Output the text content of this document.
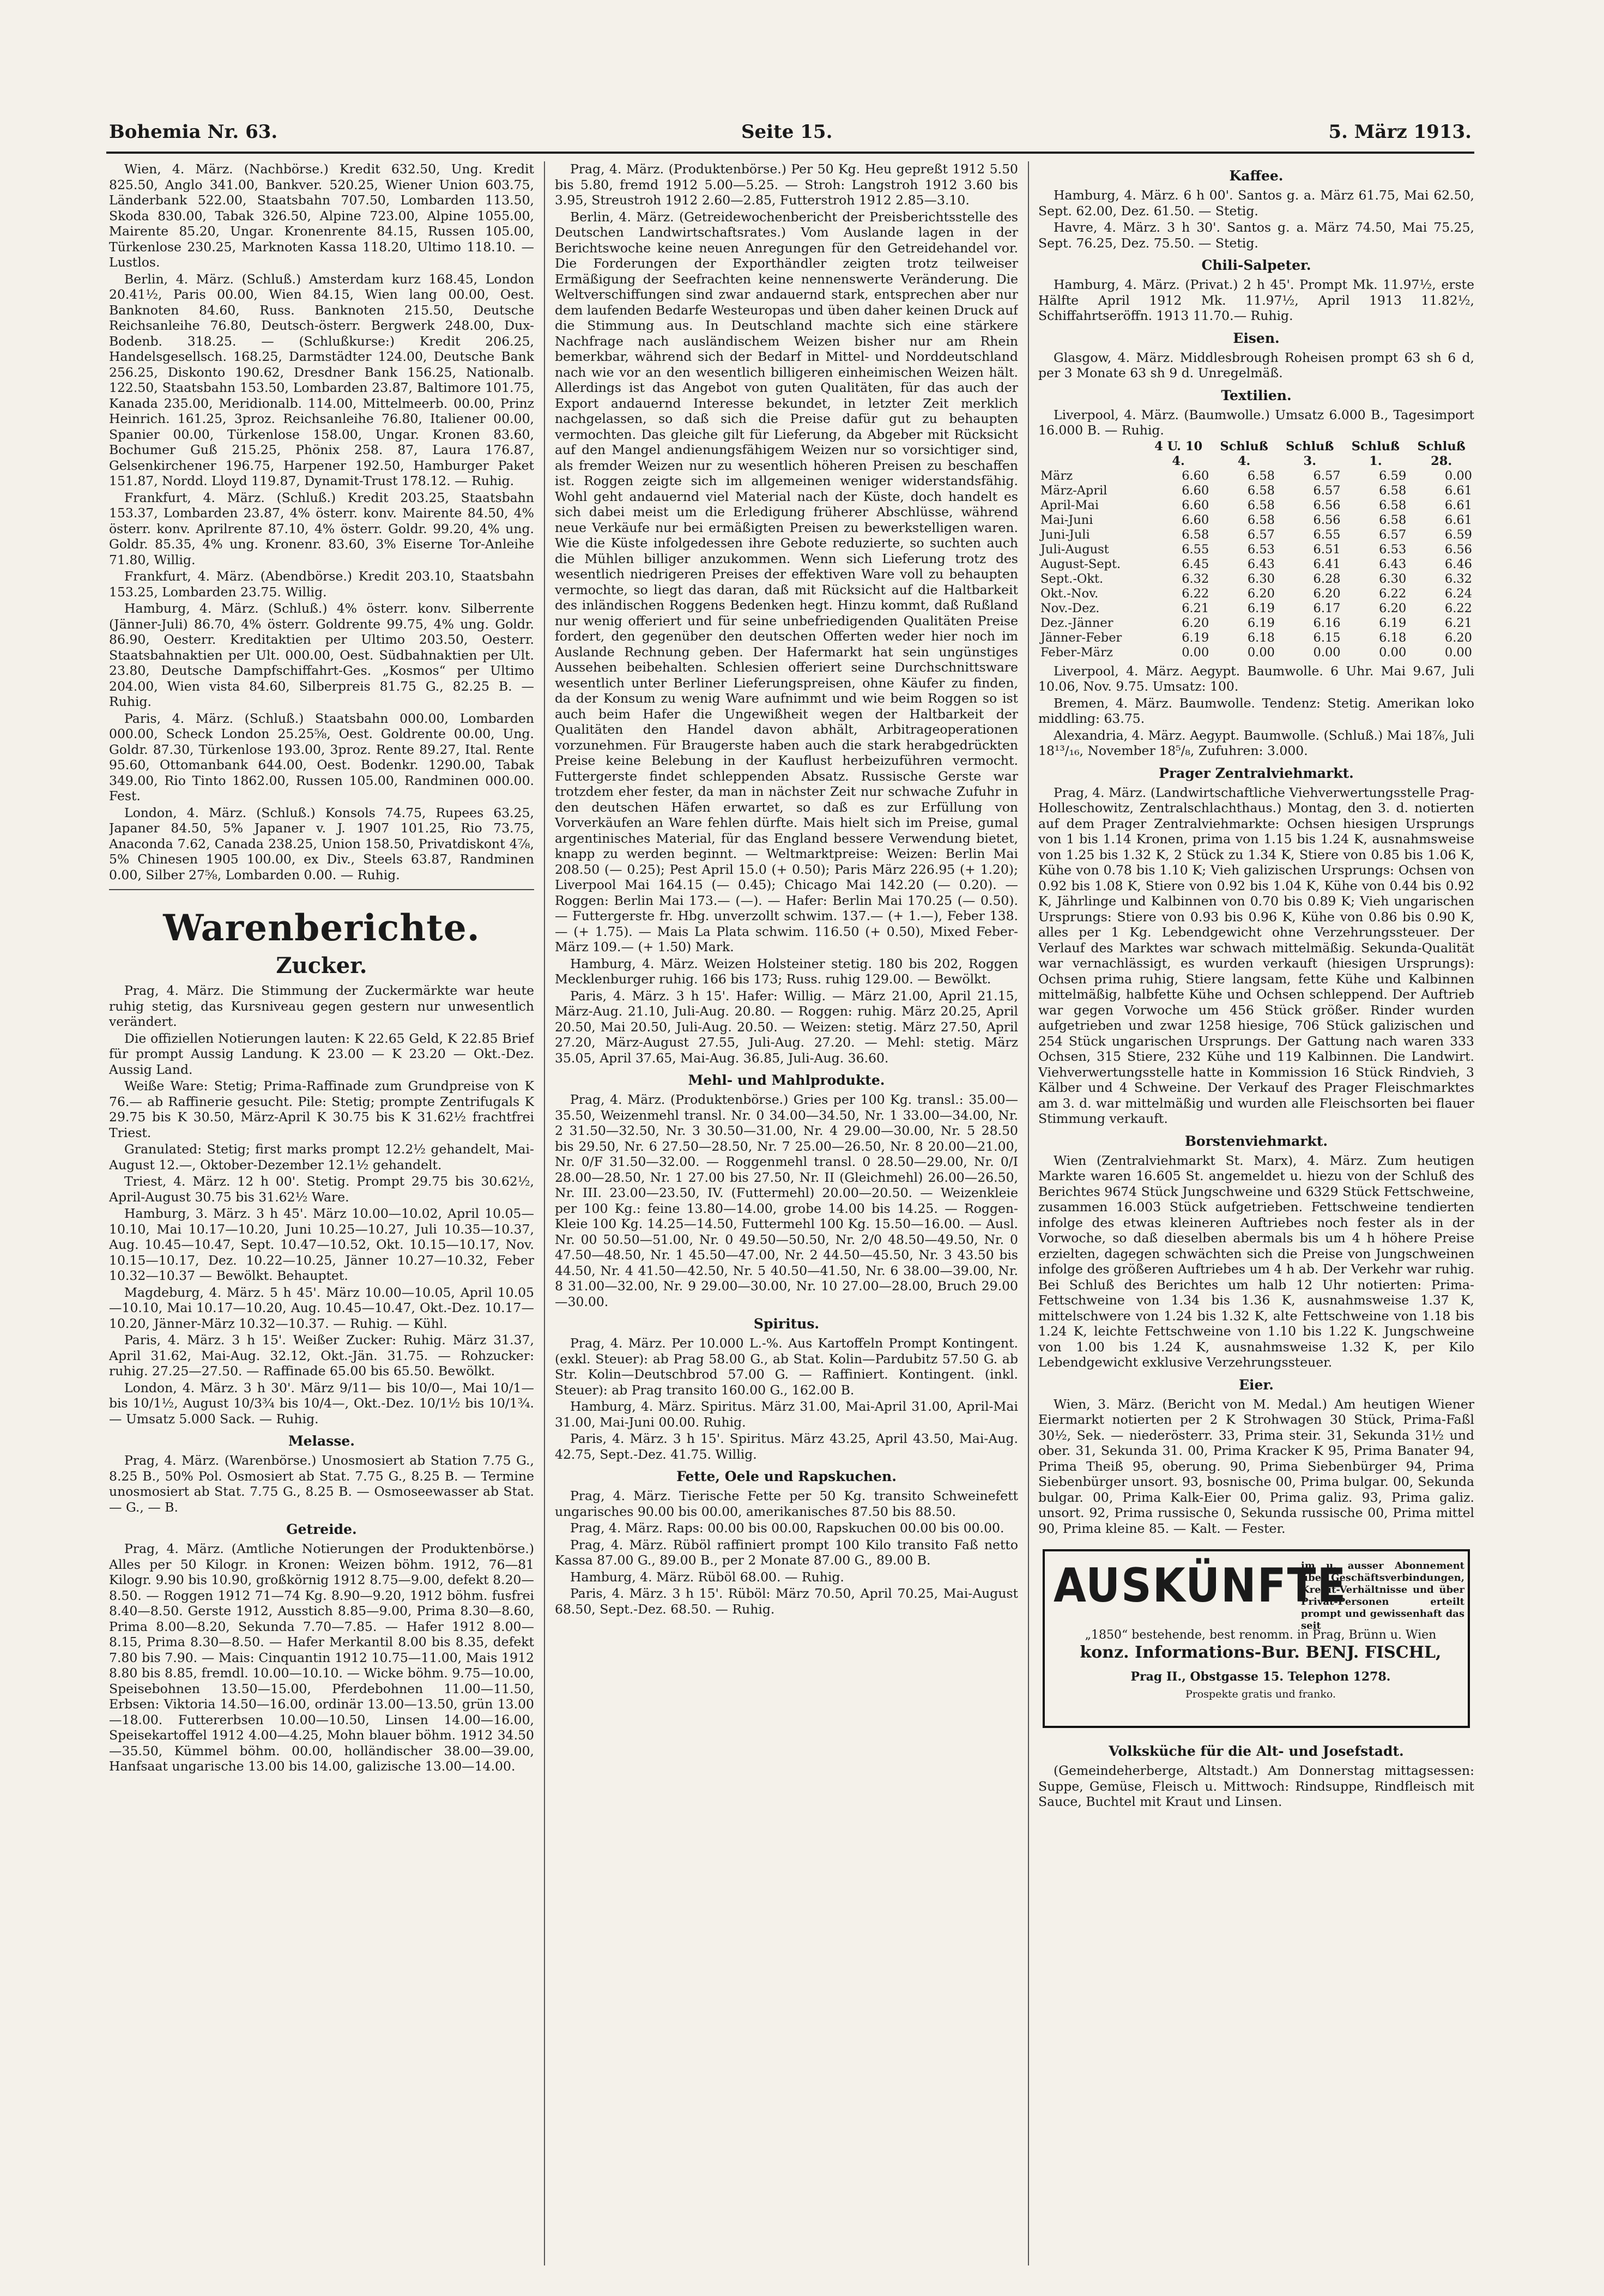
Bohemia Nr. 63.	Seite 15.	5. März 1913.

Wien, 4. März. (Nachbörse.) Kredit 632.50, Ung. Kredit 825.50, Anglo 341.00, Bankver. 520.25, Wiener Union 603.75, Länderbank 522.00, Staatsbahn 707.50, Lombarden 113.50, Skoda 830.00, Tabak 326.50, Alpine 723.00, Alpine 1055.00, Mairente 85.20, Ungar. Kronenrente 84.15, Russen 105.00, Türkenlose 230.25, Marknoten Kassa 118.20, Ultimo 118.10. — Lustlos.

Berlin, 4. März. (Schluß.) Amsterdam kurz 168.45, London 20.41½, Paris 00.00, Wien 84.15, Wien lang 00.00, Oest. Banknoten 84.60, Russ. Banknoten 215.50, Deutsche Reichsanleihe 76.80, Deutsch-österr. Bergwerk 248.00, Dux-Bodenb. 318.25. — (Schlußkurse:) Kredit 206.25, Handelsgesellsch. 168.25, Darmstädter 124.00, Deutsche Bank 256.25, Diskonto 190.62, Dresdner Bank 156.25, Nationalb. 122.50, Staatsbahn 153.50, Lombarden 23.87, Baltimore 101.75, Kanada 235.00, Meridionalb. 114.00, Mittelmeerb. 00.00, Prinz Heinrich. 161.25, 3proz. Reichsanleihe 76.80, Italiener 00.00, Spanier 00.00, Türkenlose 158.00, Ungar. Kronen 83.60, Bochumer Guß 215.25, Phönix 258. 87, Laura 176.87, Gelsenkirchener 196.75, Harpener 192.50, Hamburger Paket 151.87, Nordd. Lloyd 119.87, Dynamit-Trust 178.12. — Ruhig.

Frankfurt, 4. März. (Schluß.) Kredit 203.25, Staatsbahn 153.37, Lombarden 23.87, 4% österr. konv. Mairente 84.50, 4% österr. konv. Aprilrente 87.10, 4% österr. Goldr. 99.20, 4% ung. Goldr. 85.35, 4% ung. Kronenr. 83.60, 3% Eiserne Tor-Anleihe 71.80, Willig.

Frankfurt, 4. März. (Abendbörse.) Kredit 203.10, Staatsbahn 153.25, Lombarden 23.75. Willig.

Hamburg, 4. März. (Schluß.) 4% österr. konv. Silberrente (Jänner-Juli) 86.70, 4% österr. Goldrente 99.75, 4% ung. Goldr. 86.90, Oesterr. Kreditaktien per Ultimo 203.50, Oesterr. Staatsbahnaktien per Ult. 000.00, Oest. Südbahnaktien per Ult. 23.80, Deutsche Dampfschiffahrt-Ges. „Kosmos“ per Ultimo 204.00, Wien vista 84.60, Silberpreis 81.75 G., 82.25 B. — Ruhig.

Paris, 4. März. (Schluß.) Staatsbahn 000.00, Lombarden 000.00, Scheck London 25.25⅝, Oest. Goldrente 00.00, Ung. Goldr. 87.30, Türkenlose 193.00, 3proz. Rente 89.27, Ital. Rente 95.60, Ottomanbank 644.00, Oest. Bodenkr. 1290.00, Tabak 349.00, Rio Tinto 1862.00, Russen 105.00, Randminen 000.00. Fest.

London, 4. März. (Schluß.) Konsols 74.75, Rupees 63.25, Japaner 84.50, 5% Japaner v. J. 1907 101.25, Rio 73.75, Anaconda 7.62, Canada 238.25, Union 158.50, Privatdiskont 4⅞, 5% Chinesen 1905 100.00, ex Div., Steels 63.87, Randminen 0.00, Silber 27⅝, Lombarden 0.00. — Ruhig.

Warenberichte.
Zucker.

Prag, 4. März. Die Stimmung der Zuckermärkte war heute ruhig stetig, das Kursniveau gegen gestern nur unwesentlich verändert.

Die offiziellen Notierungen lauten: K 22.65 Geld, K 22.85 Brief für prompt Aussig Landung. K 23.00 — K 23.20 — Okt.-Dez. Aussig Land.

Weiße Ware: Stetig; Prima-Raffinade zum Grundpreise von K 76.— ab Raffinerie gesucht. Pile: Stetig; prompte Zentrifugals K 29.75 bis K 30.50, März-April K 30.75 bis K 31.62½ frachtfrei Triest.

Granulated: Stetig; first marks prompt 12.2½ gehandelt, Mai-August 12.—, Oktober-Dezember 12.1½ gehandelt.

Triest, 4. März. 12 h 00'. Stetig. Prompt 29.75 bis 30.62½, April-August 30.75 bis 31.62½ Ware.

Hamburg, 3. März. 3 h 45'. März 10.00—10.02, April 10.05—10.10, Mai 10.17—10.20, Juni 10.25—10.27, Juli 10.35—10.37, Aug. 10.45—10.47, Sept. 10.47—10.52, Okt. 10.15—10.17, Nov. 10.15—10.17, Dez. 10.22—10.25, Jänner 10.27—10.32, Feber 10.32—10.37 — Bewölkt. Behauptet.

Magdeburg, 4. März. 5 h 45'. März 10.00—10.05, April 10.05—10.10, Mai 10.17—10.20, Aug. 10.45—10.47, Okt.-Dez. 10.17—10.20, Jänner-März 10.32—10.37. — Ruhig. — Kühl.

Paris, 4. März. 3 h 15'. Weißer Zucker: Ruhig. März 31.37, April 31.62, Mai-Aug. 32.12, Okt.-Jän. 31.75. — Rohzucker: ruhig. 27.25—27.50. — Raffinade 65.00 bis 65.50. Bewölkt.

London, 4. März. 3 h 30'. März 9/11— bis 10/0—, Mai 10/1— bis 10/1½, August 10/3¾ bis 10/4—, Okt.-Dez. 10/1½ bis 10/1¾. — Umsatz 5.000 Sack. — Ruhig.

Melasse.

Prag, 4. März. (Warenbörse.) Unosmosiert ab Station 7.75 G., 8.25 B., 50% Pol. Osmosiert ab Stat. 7.75 G., 8.25 B. — Termine unosmosiert ab Stat. 7.75 G., 8.25 B. — Osmoseewasser ab Stat. — G., — B.

Getreide.

Prag, 4. März. (Amtliche Notierungen der Produktenbörse.) Alles per 50 Kilogr. in Kronen: Weizen böhm. 1912, 76—81 Kilogr. 9.90 bis 10.90, großkörnig 1912 8.75—9.00, defekt 8.20—8.50. — Roggen 1912 71—74 Kg. 8.90—9.20, 1912 böhm. fusfrei 8.40—8.50. Gerste 1912, Ausstich 8.85—9.00, Prima 8.30—8.60, Prima 8.00—8.20, Sekunda 7.70—7.85. — Hafer 1912 8.00—8.15, Prima 8.30—8.50. — Hafer Merkantil 8.00 bis 8.35, defekt 7.80 bis 7.90. — Mais: Cinquantin 1912 10.75—11.00, Mais 1912 8.80 bis 8.85, fremdl. 10.00—10.10. — Wicke böhm. 9.75—10.00, Speisebohnen 13.50—15.00, Pferdebohnen 11.00—11.50, Erbsen: Viktoria 14.50—16.00, ordinär 13.00—13.50, grün 13.00—18.00. Futtererbsen 10.00—10.50, Linsen 14.00—16.00, Speisekartoffel 1912 4.00—4.25, Mohn blauer böhm. 1912 34.50—35.50, Kümmel böhm. 00.00, holländischer 38.00—39.00, Hanfsaat ungarische 13.00 bis 14.00, galizische 13.00—14.00.

Prag, 4. März. (Produktenbörse.) Per 50 Kg. Heu gepreßt 1912 5.50 bis 5.80, fremd 1912 5.00—5.25. — Stroh: Langstroh 1912 3.60 bis 3.95, Streustroh 1912 2.60—2.85, Futterstroh 1912 2.85—3.10.

Berlin, 4. März. (Getreidewochenbericht der Preisberichtsstelle des Deutschen Landwirtschaftsrates.) Vom Auslande lagen in der Berichtswoche keine neuen Anregungen für den Getreidehandel vor. Die Forderungen der Exporthändler zeigten trotz teilweiser Ermäßigung der Seefrachten keine nennenswerte Veränderung. Die Weltverschiffungen sind zwar andauernd stark, entsprechen aber nur dem laufenden Bedarfe Westeuropas und üben daher keinen Druck auf die Stimmung aus. In Deutschland machte sich eine stärkere Nachfrage nach ausländischem Weizen bisher nur am Rhein bemerkbar, während sich der Bedarf in Mittel- und Norddeutschland nach wie vor an den wesentlich billigeren einheimischen Weizen hält. Allerdings ist das Angebot von guten Qualitäten, für das auch der Export andauernd Interesse bekundet, in letzter Zeit merklich nachgelassen, so daß sich die Preise dafür gut zu behaupten vermochten. Das gleiche gilt für Lieferung, da Abgeber mit Rücksicht auf den Mangel andienungsfähigem Weizen nur so vorsichtiger sind, als fremder Weizen nur zu wesentlich höheren Preisen zu beschaffen ist. Roggen zeigte sich im allgemeinen weniger widerstandsfähig. Wohl geht andauernd viel Material nach der Küste, doch handelt es sich dabei meist um die Erledigung früherer Abschlüsse, während neue Verkäufe nur bei ermäßigten Preisen zu bewerkstelligen waren. Wie die Küste infolgedessen ihre Gebote reduzierte, so suchten auch die Mühlen billiger anzukommen. Wenn sich Lieferung trotz des wesentlich niedrigeren Preises der effektiven Ware voll zu behaupten vermochte, so liegt das daran, daß mit Rücksicht auf die Haltbarkeit des inländischen Roggens Bedenken hegt. Hinzu kommt, daß Rußland nur wenig offeriert und für seine unbefriedigenden Qualitäten Preise fordert, den gegenüber den deutschen Offerten weder hier noch im Auslande Rechnung geben. Der Hafermarkt hat sein ungünstiges Aussehen beibehalten. Schlesien offeriert seine Durchschnittsware wesentlich unter Berliner Lieferungspreisen, ohne Käufer zu finden, da der Konsum zu wenig Ware aufnimmt und wie beim Roggen so ist auch beim Hafer die Ungewißheit wegen der Haltbarkeit der Qualitäten den Handel davon abhält, Arbitrageoperationen vorzunehmen. Für Braugerste haben auch die stark herabgedrückten Preise keine Belebung in der Kauflust herbeizuführen vermocht. Futtergerste findet schleppenden Absatz. Russische Gerste war trotzdem eher fester, da man in nächster Zeit nur schwache Zufuhr in den deutschen Häfen erwartet, so daß es zur Erfüllung von Vorverkäufen an Ware fehlen dürfte. Mais hielt sich im Preise, gumal argentinisches Material, für das England bessere Verwendung bietet, knapp zu werden beginnt. — Weltmarktpreise: Weizen: Berlin Mai 208.50 (— 0.25); Pest April 15.0 (+ 0.50); Paris März 226.95 (+ 1.20); Liverpool Mai 164.15 (— 0.45); Chicago Mai 142.20 (— 0.20). — Roggen: Berlin Mai 173.— (—). — Hafer: Berlin Mai 170.25 (— 0.50). — Futtergerste fr. Hbg. unverzollt schwim. 137.— (+ 1.—), Feber 138.— (+ 1.75). — Mais La Plata schwim. 116.50 (+ 0.50), Mixed Feber-März 109.— (+ 1.50) Mark.

Hamburg, 4. März. Weizen Holsteiner stetig. 180 bis 202, Roggen Mecklenburger ruhig. 166 bis 173; Russ. ruhig 129.00. — Bewölkt.

Paris, 4. März. 3 h 15'. Hafer: Willig. — März 21.00, April 21.15, März-Aug. 21.10, Juli-Aug. 20.80. — Roggen: ruhig. März 20.25, April 20.50, Mai 20.50, Juli-Aug. 20.50. — Weizen: stetig. März 27.50, April 27.20, März-August 27.55, Juli-Aug. 27.20. — Mehl: stetig. März 35.05, April 37.65, Mai-Aug. 36.85, Juli-Aug. 36.60.

Mehl- und Mahlprodukte.

Prag, 4. März. (Produktenbörse.) Gries per 100 Kg. transl.: 35.00—35.50, Weizenmehl transl. Nr. 0 34.00—34.50, Nr. 1 33.00—34.00, Nr. 2 31.50—32.50, Nr. 3 30.50—31.00, Nr. 4 29.00—30.00, Nr. 5 28.50 bis 29.50, Nr. 6 27.50—28.50, Nr. 7 25.00—26.50, Nr. 8 20.00—21.00, Nr. 0/F 31.50—32.00. — Roggenmehl transl. 0 28.50—29.00, Nr. 0/I 28.00—28.50, Nr. 1 27.00 bis 27.50, Nr. II (Gleichmehl) 26.00—26.50, Nr. III. 23.00—23.50, IV. (Futtermehl) 20.00—20.50. — Weizenkleie per 100 Kg.: feine 13.80—14.00, grobe 14.00 bis 14.25. — Roggen-Kleie 100 Kg. 14.25—14.50, Futtermehl 100 Kg. 15.50—16.00. — Ausl. Nr. 00 50.50—51.00, Nr. 0 49.50—50.50, Nr. 2/0 48.50—49.50, Nr. 0 47.50—48.50, Nr. 1 45.50—47.00, Nr. 2 44.50—45.50, Nr. 3 43.50 bis 44.50, Nr. 4 41.50—42.50, Nr. 5 40.50—41.50, Nr. 6 38.00—39.00, Nr. 8 31.00—32.00, Nr. 9 29.00—30.00, Nr. 10 27.00—28.00, Bruch 29.00—30.00.

Spiritus.

Prag, 4. März. Per 10.000 L.-%. Aus Kartoffeln Prompt Kontingent. (exkl. Steuer): ab Prag 58.00 G., ab Stat. Kolin—Pardubitz 57.50 G. ab Str. Kolin—Deutschbrod 57.00 G. — Raffiniert. Kontingent. (inkl. Steuer): ab Prag transito 160.00 G., 162.00 B.

Hamburg, 4. März. Spiritus. März 31.00, Mai-April 31.00, April-Mai 31.00, Mai-Juni 00.00. Ruhig.

Paris, 4. März. 3 h 15'. Spiritus. März 43.25, April 43.50, Mai-Aug. 42.75, Sept.-Dez. 41.75. Willig.

Fette, Oele und Rapskuchen.

Prag, 4. März. Tierische Fette per 50 Kg. transito Schweinefett ungarisches 90.00 bis 00.00, amerikanisches 87.50 bis 88.50.

Prag, 4. März. Raps: 00.00 bis 00.00, Rapskuchen 00.00 bis 00.00.

Prag, 4. März. Rüböl raffiniert prompt 100 Kilo transito Faß netto Kassa 87.00 G., 89.00 B., per 2 Monate 87.00 G., 89.00 B.

Hamburg, 4. März. Rüböl 68.00. — Ruhig.

Paris, 4. März. 3 h 15'. Rüböl: März 70.50, April 70.25, Mai-August 68.50, Sept.-Dez. 68.50. — Ruhig.

Kaffee.

Hamburg, 4. März. 6 h 00'. Santos g. a. März 61.75, Mai 62.50, Sept. 62.00, Dez. 61.50. — Stetig.

Havre, 4. März. 3 h 30'. Santos g. a. März 74.50, Mai 75.25, Sept. 76.25, Dez. 75.50. — Stetig.

Chili-Salpeter.

Hamburg, 4. März. (Privat.) 2 h 45'. Prompt Mk. 11.97½, erste Hälfte April 1912 Mk. 11.97½, April 1913 11.82½, Schiffahrtseröffn. 1913 11.70.— Ruhig.

Eisen.

Glasgow, 4. März. Middlesbrough Roheisen prompt 63 sh 6 d, per 3 Monate 63 sh 9 d. Unregelmäß.

Textilien.

Liverpool, 4. März. (Baumwolle.) Umsatz 6.000 B., Tagesimport 16.000 B. — Ruhig.

	4 U. 10	Schluß	Schluß	Schluß	Schluß
	4.	4.	3.	1.	28.
März	6.60	6.58	6.57	6.59	0.00
März-April	6.60	6.58	6.57	6.58	6.61
April-Mai	6.60	6.58	6.56	6.58	6.61
Mai-Juni	6.60	6.58	6.56	6.58	6.61
Juni-Juli	6.58	6.57	6.55	6.57	6.59
Juli-August	6.55	6.53	6.51	6.53	6.56
August-Sept.	6.45	6.43	6.41	6.43	6.46
Sept.-Okt.	6.32	6.30	6.28	6.30	6.32
Okt.-Nov.	6.22	6.20	6.20	6.22	6.24
Nov.-Dez.	6.21	6.19	6.17	6.20	6.22
Dez.-Jänner	6.20	6.19	6.16	6.19	6.21
Jänner-Feber	6.19	6.18	6.15	6.18	6.20
Feber-März	0.00	0.00	0.00	0.00	0.00

Liverpool, 4. März. Aegypt. Baumwolle. 6 Uhr. Mai 9.67, Juli 10.06, Nov. 9.75. Umsatz: 100.

Bremen, 4. März. Baumwolle. Tendenz: Stetig. Amerikan loko middling: 63.75.

Alexandria, 4. März. Aegypt. Baumwolle. (Schluß.) Mai 18⅞, Juli 18¹³/₁₆, November 18⁵/₈, Zufuhren: 3.000.

Prager Zentralviehmarkt.

Prag, 4. März. (Landwirtschaftliche Viehverwertungsstelle Prag-Holleschowitz, Zentralschlachthaus.) Montag, den 3. d. notierten auf dem Prager Zentralviehmarkte: Ochsen hiesigen Ursprungs von 1 bis 1.14 Kronen, prima von 1.15 bis 1.24 K, ausnahmsweise von 1.25 bis 1.32 K, 2 Stück zu 1.34 K, Stiere von 0.85 bis 1.06 K, Kühe von 0.78 bis 1.10 K; Vieh galizischen Ursprungs: Ochsen von 0.92 bis 1.08 K, Stiere von 0.92 bis 1.04 K, Kühe von 0.44 bis 0.92 K, Jährlinge und Kalbinnen von 0.70 bis 0.89 K; Vieh ungarischen Ursprungs: Stiere von 0.93 bis 0.96 K, Kühe von 0.86 bis 0.90 K, alles per 1 Kg. Lebendgewicht ohne Verzehrungssteuer. Der Verlauf des Marktes war schwach mittelmäßig. Sekunda-Qualität war vernachlässigt, es wurden verkauft (hiesigen Ursprungs): Ochsen prima ruhig, Stiere langsam, fette Kühe und Kalbinnen mittelmäßig, halbfette Kühe und Ochsen schleppend. Der Auftrieb war gegen Vorwoche um 456 Stück größer. Rinder wurden aufgetrieben und zwar 1258 hiesige, 706 Stück galizischen und 254 Stück ungarischen Ursprungs. Der Gattung nach waren 333 Ochsen, 315 Stiere, 232 Kühe und 119 Kalbinnen. Die Landwirt. Viehverwertungsstelle hatte in Kommission 16 Stück Rindvieh, 3 Kälber und 4 Schweine. Der Verkauf des Prager Fleischmarktes am 3. d. war mittelmäßig und wurden alle Fleischsorten bei flauer Stimmung verkauft.

Borstenviehmarkt.

Wien (Zentralviehmarkt St. Marx), 4. März. Zum heutigen Markte waren 16.605 St. angemeldet u. hiezu von der Schluß des Berichtes 9674 Stück Jungschweine und 6329 Stück Fettschweine, zusammen 16.003 Stück aufgetrieben. Fettschweine tendierten infolge des etwas kleineren Auftriebes noch fester als in der Vorwoche, so daß dieselben abermals bis um 4 h höhere Preise erzielten, dagegen schwächten sich die Preise von Jungschweinen infolge des größeren Auftriebes um 4 h ab. Der Verkehr war ruhig. Bei Schluß des Berichtes um halb 12 Uhr notierten: Prima-Fettschweine von 1.34 bis 1.36 K, ausnahmsweise 1.37 K, mittelschwere von 1.24 bis 1.32 K, alte Fettschweine von 1.18 bis 1.24 K, leichte Fettschweine von 1.10 bis 1.22 K. Jungschweine von 1.00 bis 1.24 K, ausnahmsweise 1.32 K, per Kilo Lebendgewicht exklusive Verzehrungssteuer.

Eier.

Wien, 3. März. (Bericht von M. Medal.) Am heutigen Wiener Eiermarkt notierten per 2 K Strohwagen 30 Stück, Prima-Faßl 30½, Sek. — niederösterr. 33, Prima steir. 31, Sekunda 31½ und ober. 31, Sekunda 31. 00, Prima Kracker K 95, Prima Banater 94, Prima Theiß 95, oberung. 90, Prima Siebenbürger 94, Prima Siebenbürger unsort. 93, bosnische 00, Prima bulgar. 00, Sekunda bulgar. 00, Prima Kalk-Eier 00, Prima galiz. 93, Prima galiz. unsort. 92, Prima russische 0, Sekunda russische 00, Prima mittel 90, Prima kleine 85. — Kalt. — Fester.

AUSKÜNFTE
im u. ausser Abonnement über Geschäftsverbindungen, Kredit-Verhältnisse und über Privat-Personen erteilt prompt und gewissenhaft das seit
„1850“ bestehende, best renomm. in Prag, Brünn u. Wien
konz. Informations-Bur. BENJ. FISCHL,
Prag II., Obstgasse 15. Telephon 1278.
Prospekte gratis und franko.
Volksküche für die Alt- und Josefstadt.

(Gemeindeherberge, Altstadt.) Am Donnerstag mittagsessen: Suppe, Gemüse, Fleisch u. Mittwoch: Rindsuppe, Rindfleisch mit Sauce, Buchtel mit Kraut und Linsen.
